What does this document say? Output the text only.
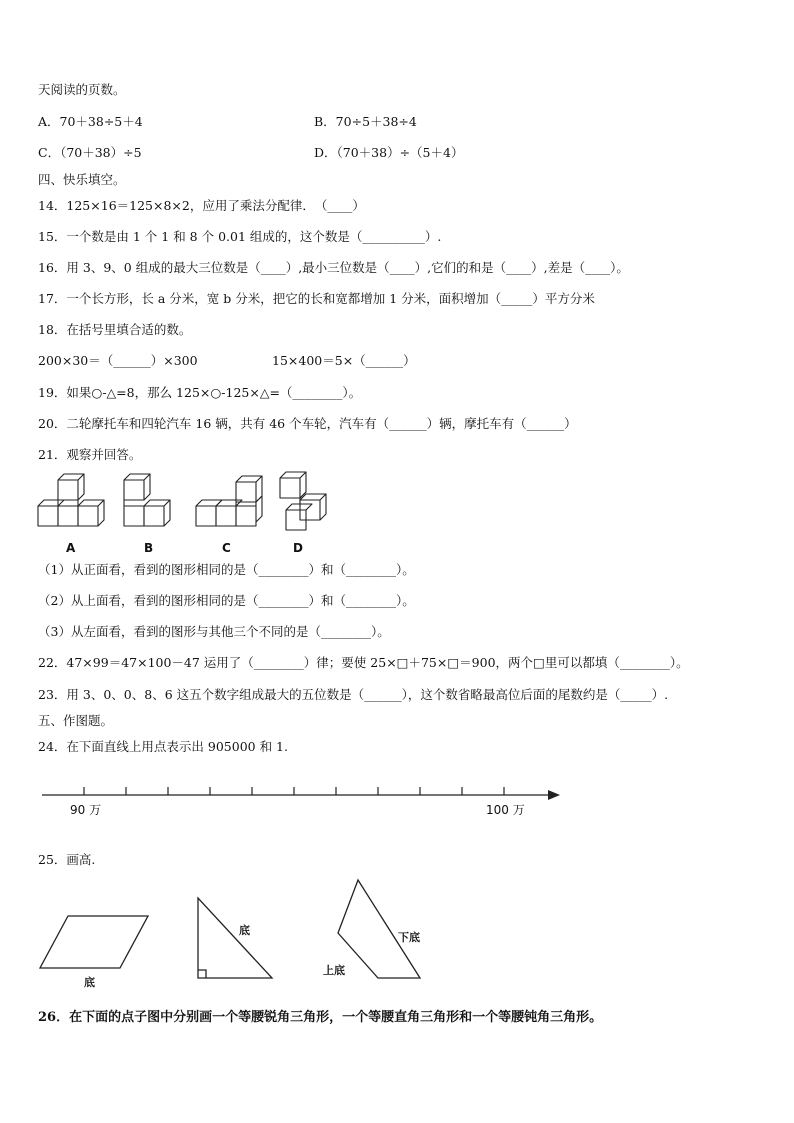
天阅读的页数。
A．70＋38÷5＋4	B．70÷5＋38÷4
C．（70＋38）÷5	D．（70＋38）÷（5＋4）
四、快乐填空。
14．125×16＝125×8×2，应用了乘法分配律．　（____）
15．一个数是由 1 个 1 和 8 个 0.01 组成的，这个数是（__________）.
16．用 3、9、0 组成的最大三位数是（____）,最小三位数是（____）,它们的和是（____）,差是（____）。
17．一个长方形，长 a 分米，宽 b 分米，把它的长和宽都增加 1 分米，面积增加（_____）平方分米
18．在括号里填合适的数。
200×30＝（______）×300	15×400＝5×（______）
19．如果○-△=8，那么 125×○-125×△=（________）。
20．二轮摩托车和四轮汽车 16 辆，共有 46 个车轮，汽车有（______）辆，摩托车有（______）
21．观察并回答。
A	B	C	D
（1）从正面看，看到的图形相同的是（________）和（________）。
（2）从上面看，看到的图形相同的是（________）和（________）。
（3）从左面看，看到的图形与其他三个不同的是（________）。
22．47×99＝47×100－47 运用了（________）律；要使 25×□＋75×□＝900，两个□里可以都填（________）。
23．用 3、0、0、8、6 这五个数字组成最大的五位数是（______），这个数省略最高位后面的尾数约是（_____）.
五、作图题。
24．在下面直线上用点表示出 905000 和 1.
90 万	100 万
25．画高.
底
底
下底
上底
26．在下面的点子图中分别画一个等腰锐角三角形，一个等腰直角三角形和一个等腰钝角三角形。
